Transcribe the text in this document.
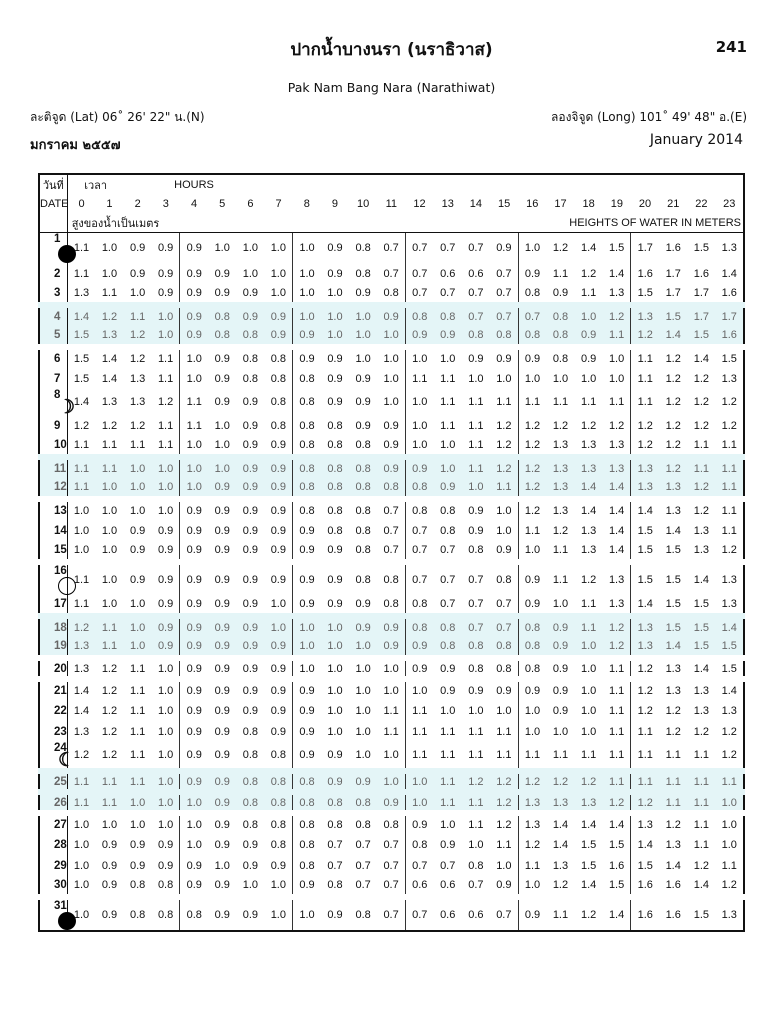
ปากน้ำบางนรา (นราธิวาส)	241
Pak Nam Bang Nara (Narathiwat)
ละติจูด (Lat) 06˚ 26' 22" น.(N)	ลองจิจูด (Long) 101˚ 49' 48" อ.(E)
มกราคม ๒๕๕๗	January 2014
วันที่	เวลา			HOURS																				
DATE	0	1	2	3	4	5	6	7	8	9	10	11	12	13	14	15	16	17	18	19	20	21	22	23
	สูงของน้ำเป็นเมตร														HEIGHTS OF WATER IN METERS									
1	1.1	1.0	0.9	0.9	0.9	1.0	1.0	1.0	1.0	0.9	0.8	0.7	0.7	0.7	0.7	0.9	1.0	1.2	1.4	1.5	1.7	1.6	1.5	1.3
2	1.1	1.0	0.9	0.9	0.9	0.9	1.0	1.0	1.0	0.9	0.8	0.7	0.7	0.6	0.6	0.7	0.9	1.1	1.2	1.4	1.6	1.7	1.6	1.4
3	1.3	1.1	1.0	0.9	0.9	0.9	0.9	1.0	1.0	1.0	0.9	0.8	0.7	0.7	0.7	0.7	0.8	0.9	1.1	1.3	1.5	1.7	1.7	1.6
4	1.4	1.2	1.1	1.0	0.9	0.8	0.9	0.9	1.0	1.0	1.0	0.9	0.8	0.8	0.7	0.7	0.7	0.8	1.0	1.2	1.3	1.5	1.7	1.7
5	1.5	1.3	1.2	1.0	0.9	0.8	0.8	0.9	0.9	1.0	1.0	1.0	0.9	0.9	0.8	0.8	0.8	0.8	0.9	1.1	1.2	1.4	1.5	1.6
6	1.5	1.4	1.2	1.1	1.0	0.9	0.8	0.8	0.9	0.9	1.0	1.0	1.0	1.0	0.9	0.9	0.9	0.8	0.9	1.0	1.1	1.2	1.4	1.5
7	1.5	1.4	1.3	1.1	1.0	0.9	0.8	0.8	0.8	0.9	0.9	1.0	1.1	1.1	1.0	1.0	1.0	1.0	1.0	1.0	1.1	1.2	1.2	1.3
8☽	1.4	1.3	1.3	1.2	1.1	0.9	0.9	0.8	0.8	0.9	0.9	1.0	1.0	1.1	1.1	1.1	1.1	1.1	1.1	1.1	1.1	1.2	1.2	1.2
9	1.2	1.2	1.2	1.1	1.1	1.0	0.9	0.8	0.8	0.8	0.9	0.9	1.0	1.1	1.1	1.2	1.2	1.2	1.2	1.2	1.2	1.2	1.2	1.2
10	1.1	1.1	1.1	1.1	1.0	1.0	0.9	0.9	0.8	0.8	0.8	0.9	1.0	1.0	1.1	1.2	1.2	1.3	1.3	1.3	1.2	1.2	1.1	1.1
11	1.1	1.1	1.0	1.0	1.0	1.0	0.9	0.9	0.8	0.8	0.8	0.9	0.9	1.0	1.1	1.2	1.2	1.3	1.3	1.3	1.3	1.2	1.1	1.1
12	1.1	1.0	1.0	1.0	1.0	0.9	0.9	0.9	0.8	0.8	0.8	0.8	0.8	0.9	1.0	1.1	1.2	1.3	1.4	1.4	1.3	1.3	1.2	1.1
13	1.0	1.0	1.0	1.0	0.9	0.9	0.9	0.9	0.8	0.8	0.8	0.7	0.8	0.8	0.9	1.0	1.2	1.3	1.4	1.4	1.4	1.3	1.2	1.1
14	1.0	1.0	0.9	0.9	0.9	0.9	0.9	0.9	0.9	0.8	0.8	0.7	0.7	0.8	0.9	1.0	1.1	1.2	1.3	1.4	1.5	1.4	1.3	1.1
15	1.0	1.0	0.9	0.9	0.9	0.9	0.9	0.9	0.9	0.9	0.8	0.7	0.7	0.7	0.8	0.9	1.0	1.1	1.3	1.4	1.5	1.5	1.3	1.2
16	1.1	1.0	0.9	0.9	0.9	0.9	0.9	0.9	0.9	0.9	0.8	0.8	0.7	0.7	0.7	0.8	0.9	1.1	1.2	1.3	1.5	1.5	1.4	1.3
17	1.1	1.0	1.0	0.9	0.9	0.9	0.9	1.0	0.9	0.9	0.9	0.8	0.8	0.7	0.7	0.7	0.9	1.0	1.1	1.3	1.4	1.5	1.5	1.3
18	1.2	1.1	1.0	0.9	0.9	0.9	0.9	1.0	1.0	1.0	0.9	0.9	0.8	0.8	0.7	0.7	0.8	0.9	1.1	1.2	1.3	1.5	1.5	1.4
19	1.3	1.1	1.0	0.9	0.9	0.9	0.9	0.9	1.0	1.0	1.0	0.9	0.9	0.8	0.8	0.8	0.8	0.9	1.0	1.2	1.3	1.4	1.5	1.5
20	1.3	1.2	1.1	1.0	0.9	0.9	0.9	0.9	1.0	1.0	1.0	1.0	0.9	0.9	0.8	0.8	0.8	0.9	1.0	1.1	1.2	1.3	1.4	1.5
21	1.4	1.2	1.1	1.0	0.9	0.9	0.9	0.9	0.9	1.0	1.0	1.0	1.0	0.9	0.9	0.9	0.9	0.9	1.0	1.1	1.2	1.3	1.3	1.4
22	1.4	1.2	1.1	1.0	0.9	0.9	0.9	0.9	0.9	1.0	1.0	1.1	1.1	1.0	1.0	1.0	1.0	0.9	1.0	1.1	1.2	1.2	1.3	1.3
23	1.3	1.2	1.1	1.0	0.9	0.9	0.8	0.9	0.9	1.0	1.0	1.1	1.1	1.1	1.1	1.1	1.0	1.0	1.0	1.1	1.1	1.2	1.2	1.2
24☾	1.2	1.2	1.1	1.0	0.9	0.9	0.8	0.8	0.9	0.9	1.0	1.0	1.1	1.1	1.1	1.1	1.1	1.1	1.1	1.1	1.1	1.1	1.1	1.2
25	1.1	1.1	1.1	1.0	0.9	0.9	0.8	0.8	0.8	0.9	0.9	1.0	1.0	1.1	1.2	1.2	1.2	1.2	1.2	1.1	1.1	1.1	1.1	1.1
26	1.1	1.1	1.0	1.0	1.0	0.9	0.8	0.8	0.8	0.8	0.8	0.9	1.0	1.1	1.1	1.2	1.3	1.3	1.3	1.2	1.2	1.1	1.1	1.0
27	1.0	1.0	1.0	1.0	1.0	0.9	0.8	0.8	0.8	0.8	0.8	0.8	0.9	1.0	1.1	1.2	1.3	1.4	1.4	1.4	1.3	1.2	1.1	1.0
28	1.0	0.9	0.9	0.9	1.0	0.9	0.9	0.8	0.8	0.7	0.7	0.7	0.8	0.9	1.0	1.1	1.2	1.4	1.5	1.5	1.4	1.3	1.1	1.0
29	1.0	0.9	0.9	0.9	0.9	1.0	0.9	0.9	0.8	0.7	0.7	0.7	0.7	0.7	0.8	1.0	1.1	1.3	1.5	1.6	1.5	1.4	1.2	1.1
30	1.0	0.9	0.8	0.8	0.9	0.9	1.0	1.0	0.9	0.8	0.7	0.7	0.6	0.6	0.7	0.9	1.0	1.2	1.4	1.5	1.6	1.6	1.4	1.2
31	1.0	0.9	0.8	0.8	0.8	0.9	0.9	1.0	1.0	0.9	0.8	0.7	0.7	0.6	0.6	0.7	0.9	1.1	1.2	1.4	1.6	1.6	1.5	1.3
